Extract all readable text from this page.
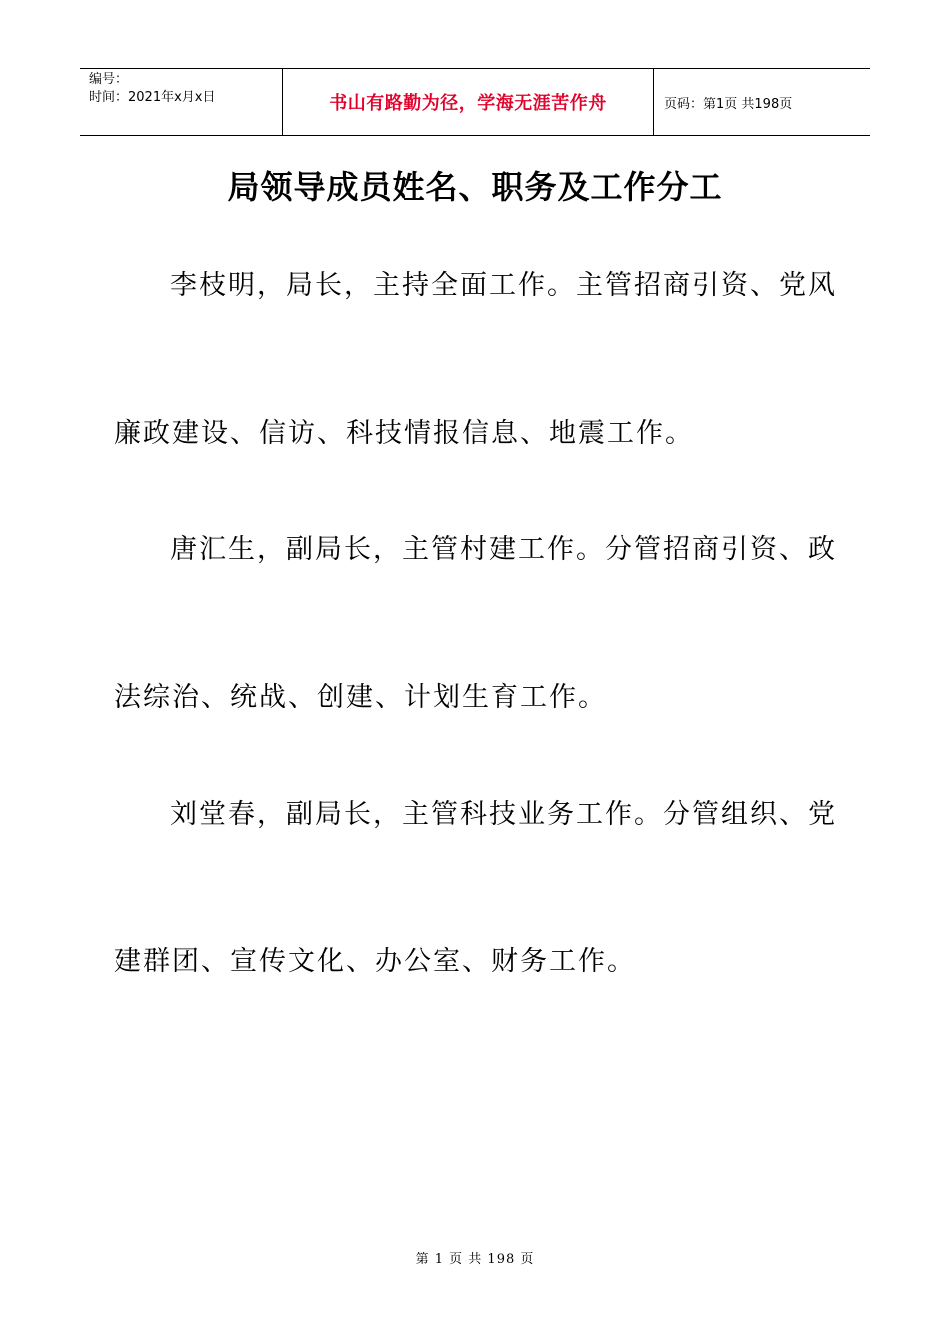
编号：
时间：2021年x月x日	书山有路勤为径，学海无涯苦作舟	页码：第1页 共198页
局领导成员姓名、职务及工作分工
李枝明，局长，主持全面工作。主管招商引资、党风
廉政建设、信访、科技情报信息、地震工作。
唐汇生，副局长，主管村建工作。分管招商引资、政
法综治、统战、创建、计划生育工作。
刘堂春，副局长，主管科技业务工作。分管组织、党
建群团、宣传文化、办公室、财务工作。
第 1 页 共 198 页
